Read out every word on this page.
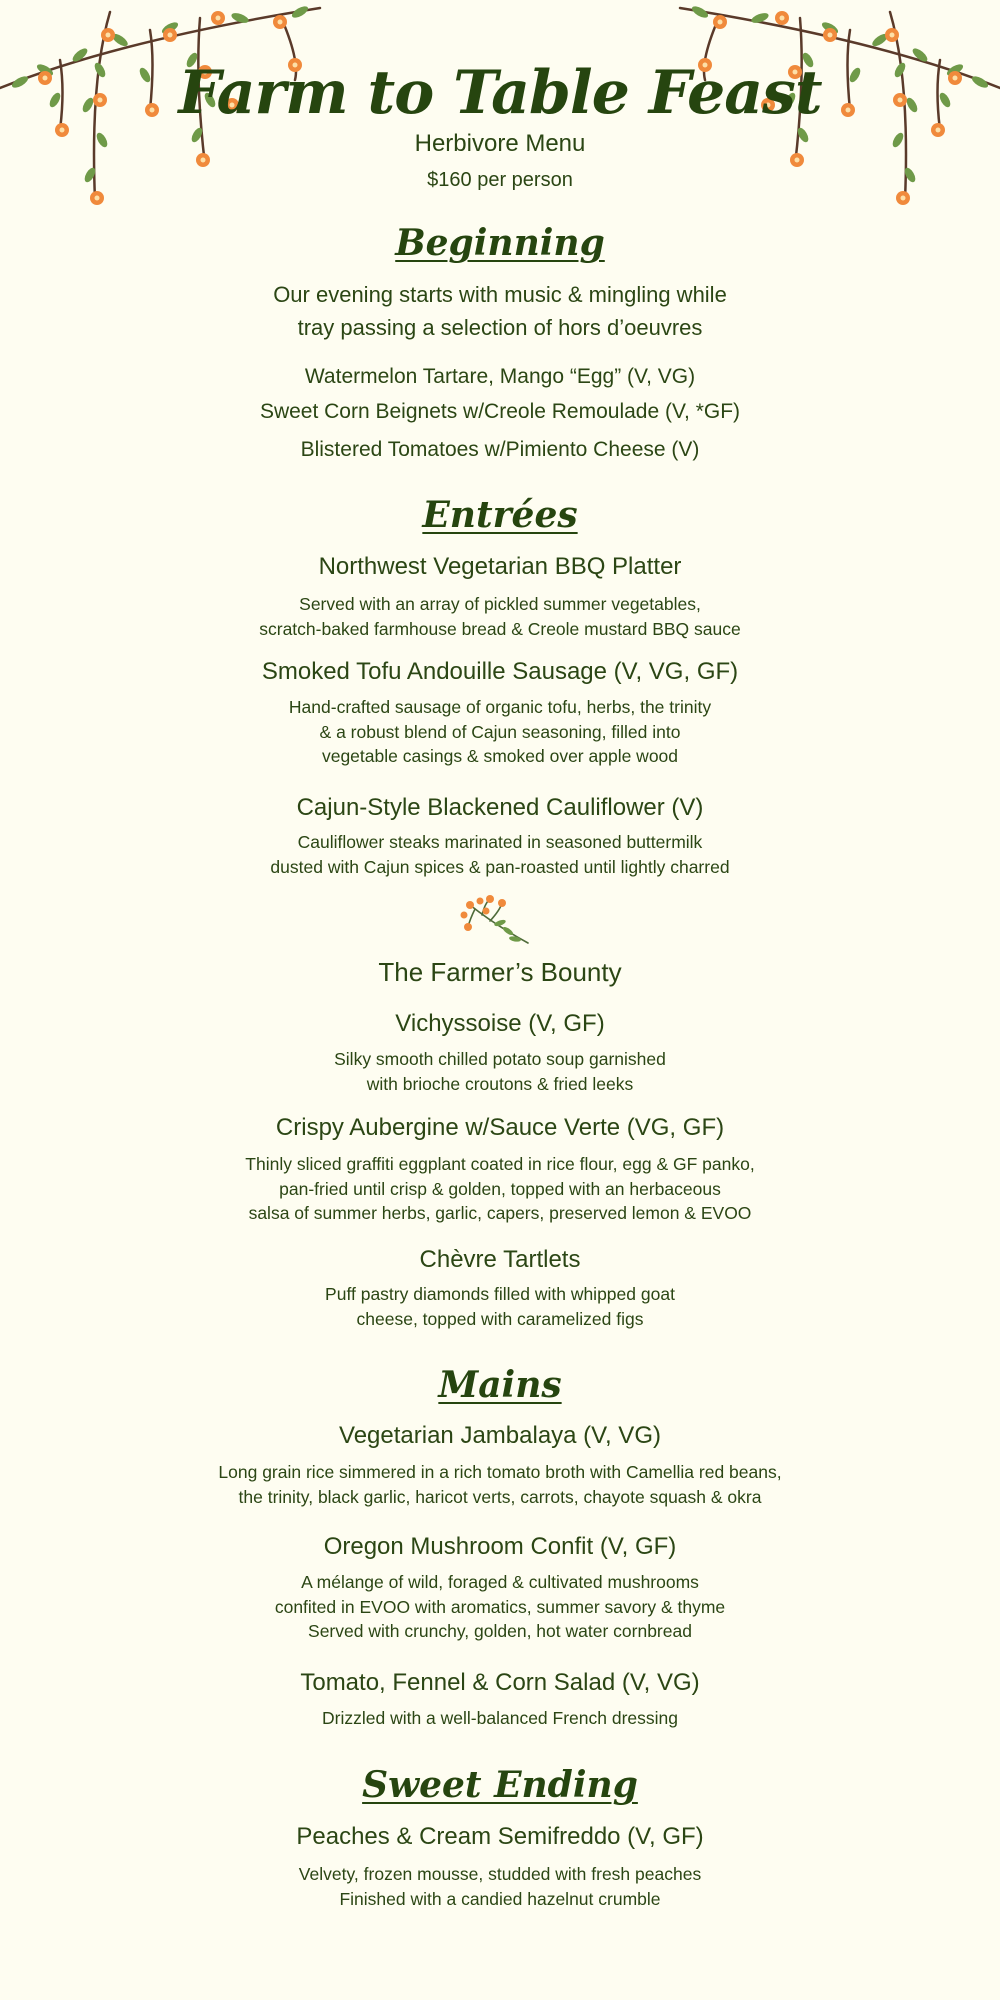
Farm to Table Feast
Herbivore Menu
$160 per person
Beginning
Our evening starts with music & mingling while
tray passing a selection of hors d’oeuvres
Watermelon Tartare, Mango “Egg” (V, VG)
Sweet Corn Beignets w/Creole Remoulade (V, *GF)
Blistered Tomatoes w/Pimiento Cheese (V)
Entrées
Northwest Vegetarian BBQ Platter
Served with an array of pickled summer vegetables,
scratch-baked farmhouse bread & Creole mustard BBQ sauce
Smoked Tofu Andouille Sausage (V, VG, GF)
Hand-crafted sausage of organic tofu, herbs, the trinity
& a robust blend of Cajun seasoning, filled into
vegetable casings & smoked over apple wood
Cajun-Style Blackened Cauliflower (V)
Cauliflower steaks marinated in seasoned buttermilk
dusted with Cajun spices & pan-roasted until lightly charred
The Farmer’s Bounty
Vichyssoise (V, GF)
Silky smooth chilled potato soup garnished
with brioche croutons & fried leeks
Crispy Aubergine w/Sauce Verte (VG, GF)
Thinly sliced graffiti eggplant coated in rice flour, egg & GF panko,
pan-fried until crisp & golden, topped with an herbaceous
salsa of summer herbs, garlic, capers, preserved lemon & EVOO
Chèvre Tartlets
Puff pastry diamonds filled with whipped goat
cheese, topped with caramelized figs
Mains
Vegetarian Jambalaya (V, VG)
Long grain rice simmered in a rich tomato broth with Camellia red beans,
the trinity, black garlic, haricot verts, carrots, chayote squash & okra
Oregon Mushroom Confit (V, GF)
A mélange of wild, foraged & cultivated mushrooms
confited in EVOO with aromatics, summer savory & thyme
Served with crunchy, golden, hot water cornbread
Tomato, Fennel & Corn Salad (V, VG)
Drizzled with a well-balanced French dressing
Sweet Ending
Peaches & Cream Semifreddo (V, GF)
Velvety, frozen mousse, studded with fresh peaches
Finished with a candied hazelnut crumble
